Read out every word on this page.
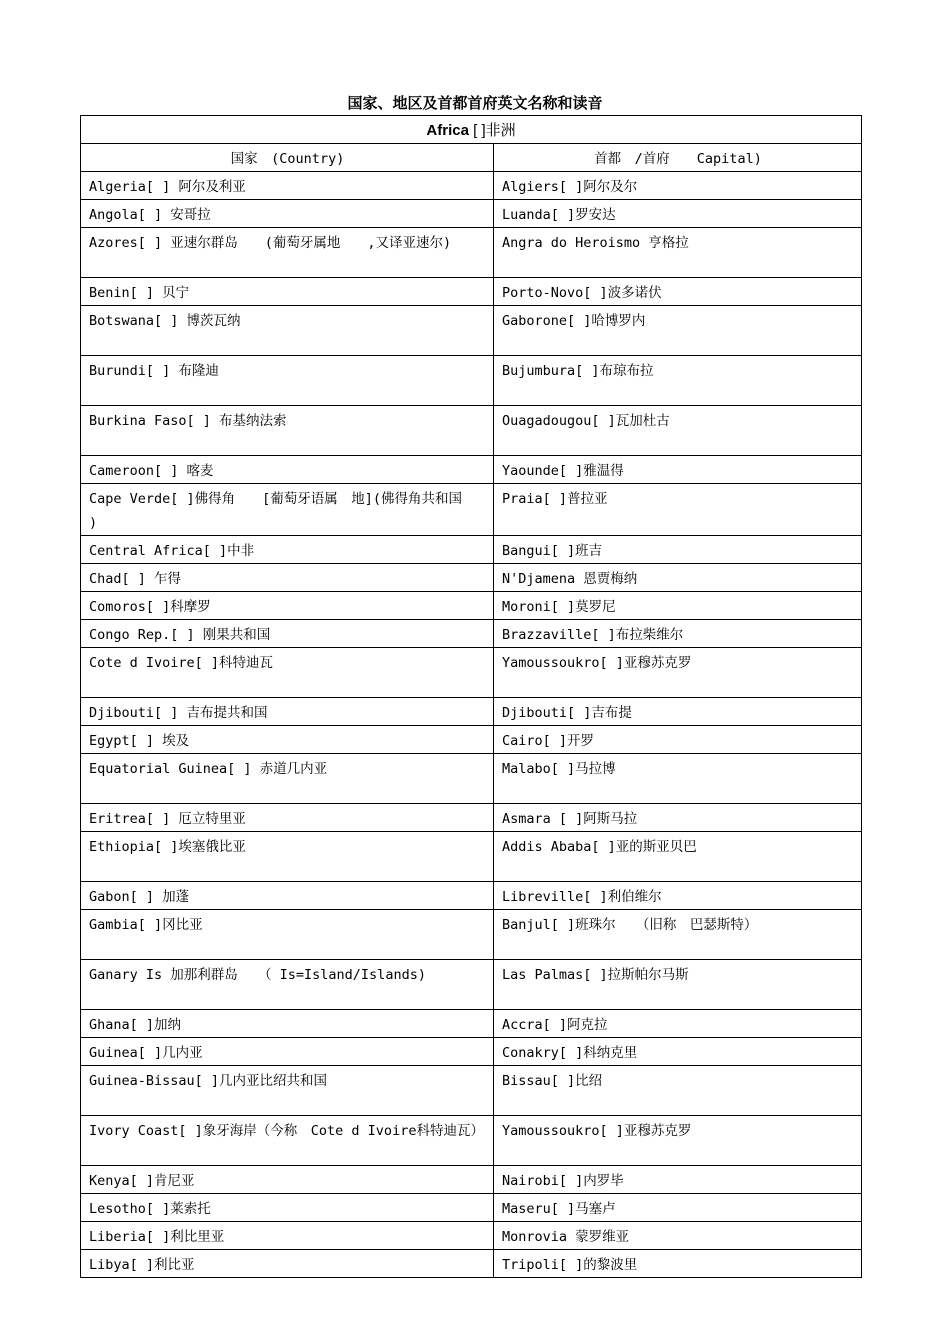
国家、地区及首都首府英文名称和读音
Africa [ ]非洲	
国家　(Country)	首都　/首府　　Capital)
Algeria[ ] 阿尔及利亚	Algiers[ ]阿尔及尔
Angola[ ] 安哥拉	Luanda[ ]罗安达
Azores[ ] 亚速尔群岛　　(葡萄牙属地　　,又译亚速尔)	Angra do Heroismo 亨格拉
Benin[ ] 贝宁	Porto-Novo[ ]波多诺伏
Botswana[ ] 博茨瓦纳	Gaborone[ ]哈博罗内
Burundi[ ] 布隆迪	Bujumbura[ ]布琼布拉
Burkina Faso[ ] 布基纳法索	Ouagadougou[ ]瓦加杜古
Cameroon[ ] 喀麦	Yaounde[ ]雅温得
Cape Verde[ ]佛得角　　[葡萄牙语属　地](佛得角共和国　　)	Praia[ ]普拉亚
Central Africa[ ]中非	Bangui[ ]班吉
Chad[ ] 乍得	N'Djamena 恩贾梅纳
Comoros[ ]科摩罗	Moroni[ ]莫罗尼
Congo Rep.[ ] 刚果共和国	Brazzaville[ ]布拉柴维尔
Cote d Ivoire[ ]科特迪瓦	Yamoussoukro[ ]亚穆苏克罗
Djibouti[ ] 吉布提共和国	Djibouti[ ]吉布提
Egypt[ ] 埃及	Cairo[ ]开罗
Equatorial Guinea[ ] 赤道几内亚	Malabo[ ]马拉博
Eritrea[ ] 厄立特里亚	Asmara [ ]阿斯马拉
Ethiopia[ ]埃塞俄比亚	Addis Ababa[ ]亚的斯亚贝巴
Gabon[ ] 加蓬	Libreville[ ]利伯维尔
Gambia[ ]冈比亚	Banjul[ ]班珠尔　　（旧称　巴瑟斯特）
Ganary Is 加那利群岛　　（ Is=Island/Islands)	Las Palmas[ ]拉斯帕尔马斯
Ghana[ ]加纳	Accra[ ]阿克拉
Guinea[ ]几内亚	Conakry[ ]科纳克里
Guinea-Bissau[ ]几内亚比绍共和国	Bissau[ ]比绍
Ivory Coast[ ]象牙海岸（今称　Cote d Ivoire科特迪瓦）	Yamoussoukro[ ]亚穆苏克罗
Kenya[ ]肯尼亚	Nairobi[ ]内罗毕
Lesotho[ ]莱索托	Maseru[ ]马塞卢
Liberia[ ]利比里亚	Monrovia 蒙罗维亚
Libya[ ]利比亚	Tripoli[ ]的黎波里
